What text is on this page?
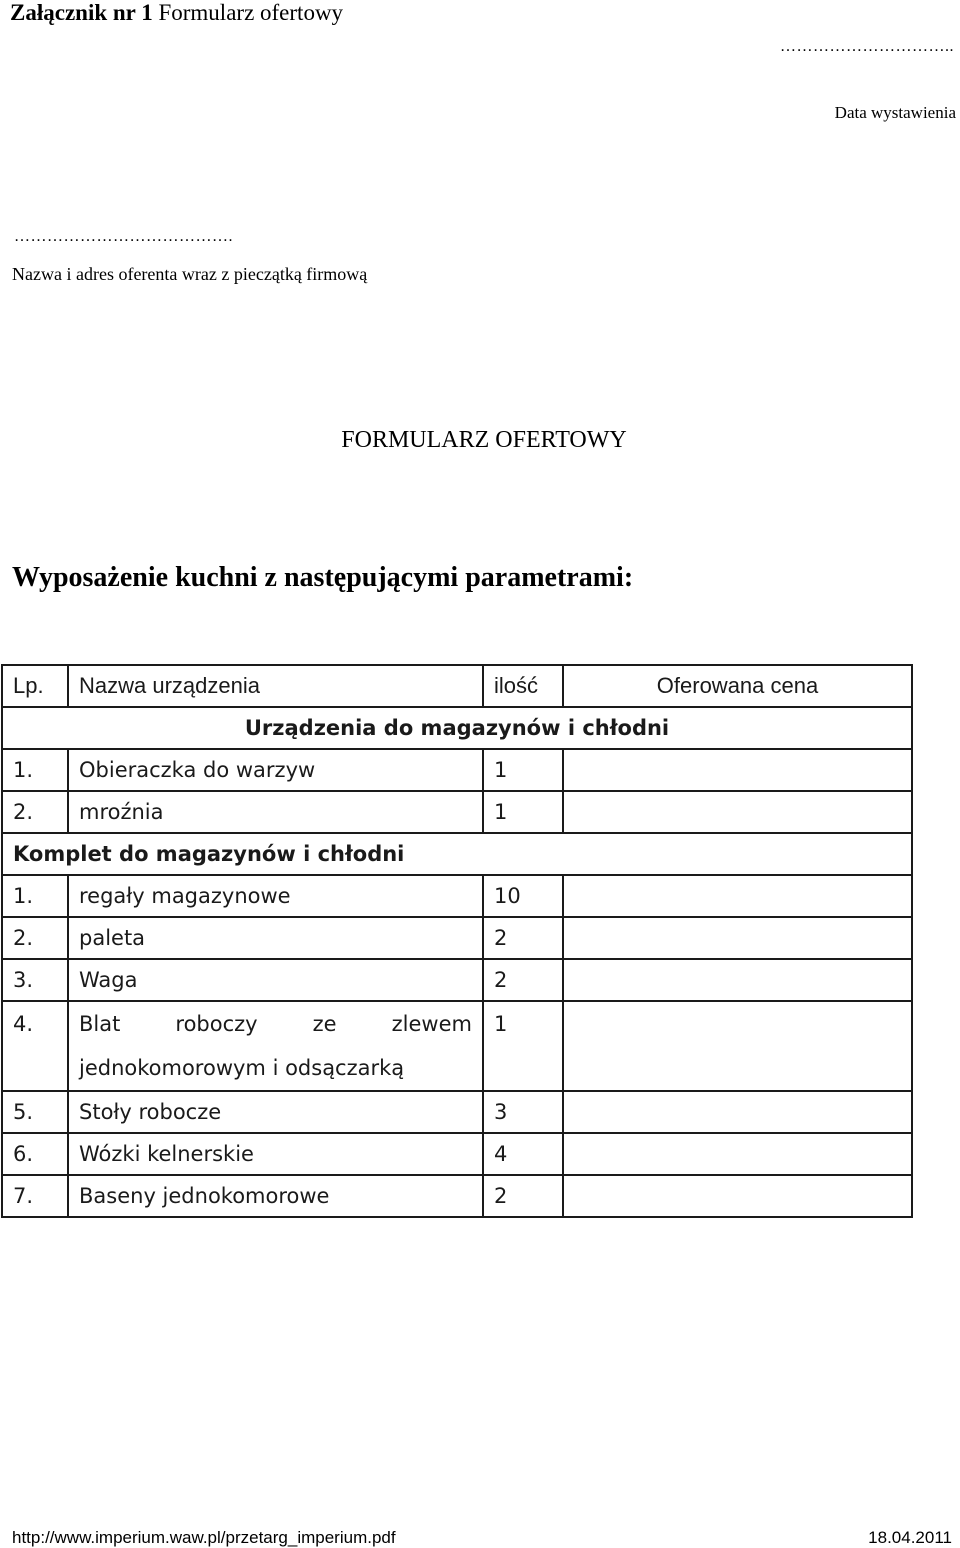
Załącznik nr 1 Formularz ofertowy
…………………………..
Data wystawienia
………………………………….
Nazwa i adres oferenta wraz z pieczątką firmową
FORMULARZ OFERTOWY
Wyposażenie kuchni z następującymi parametrami:
Lp.	Nazwa urządzenia	ilość	Oferowana cena
Urządzenia do magazynów i chłodni			
1.	Obieraczka do warzyw	1	
2.	mroźnia	1	
Komplet do magazynów i chłodni			
1.	regały magazynowe	10	
2.	paleta	2	
3.	Waga	2	
4.	Blat roboczy ze zlewem
jednokomorowym i odsączarką	1	
5.	Stoły robocze	3	
6.	Wózki kelnerskie	4	
7.	Baseny jednokomorowe	2	
http://www.imperium.waw.pl/przetarg_imperium.pdf	18.04.2011
